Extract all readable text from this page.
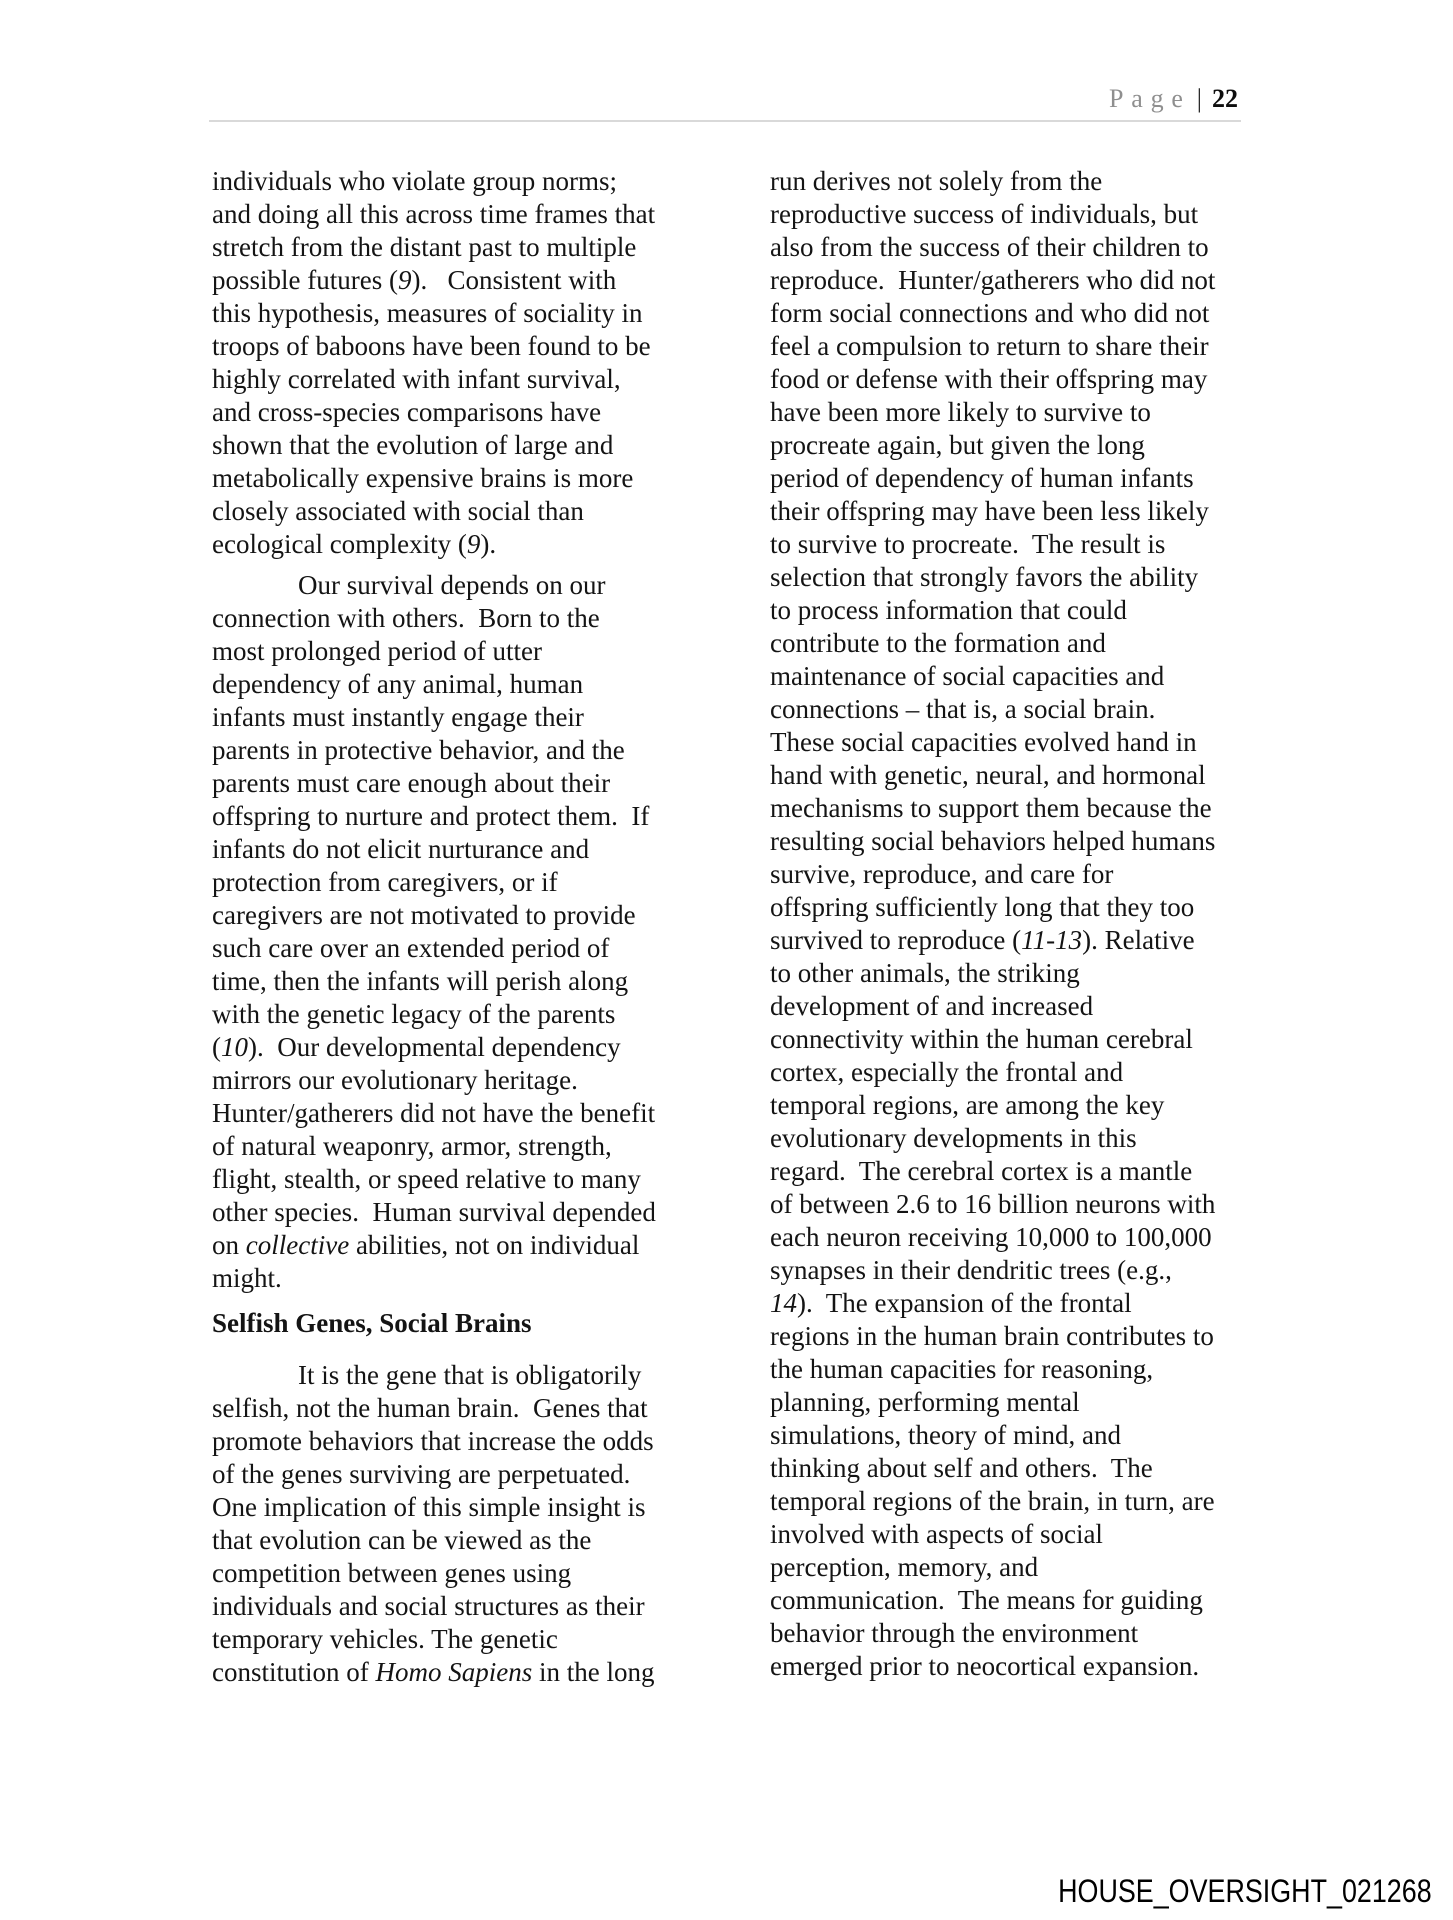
Page | 22
individuals who violate group norms;
and doing all this across time frames that
stretch from the distant past to multiple
possible futures (9).   Consistent with
this hypothesis, measures of sociality in
troops of baboons have been found to be
highly correlated with infant survival,
and cross-species comparisons have
shown that the evolution of large and
metabolically expensive brains is more
closely associated with social than
ecological complexity (9).
Our survival depends on our
connection with others.  Born to the
most prolonged period of utter
dependency of any animal, human
infants must instantly engage their
parents in protective behavior, and the
parents must care enough about their
offspring to nurture and protect them.  If
infants do not elicit nurturance and
protection from caregivers, or if
caregivers are not motivated to provide
such care over an extended period of
time, then the infants will perish along
with the genetic legacy of the parents
(10).  Our developmental dependency
mirrors our evolutionary heritage.
Hunter/gatherers did not have the benefit
of natural weaponry, armor, strength,
flight, stealth, or speed relative to many
other species.  Human survival depended
on collective abilities, not on individual
might.
Selfish Genes, Social Brains
It is the gene that is obligatorily
selfish, not the human brain.  Genes that
promote behaviors that increase the odds
of the genes surviving are perpetuated.
One implication of this simple insight is
that evolution can be viewed as the
competition between genes using
individuals and social structures as their
temporary vehicles. The genetic
constitution of Homo Sapiens in the long
run derives not solely from the
reproductive success of individuals, but
also from the success of their children to
reproduce.  Hunter/gatherers who did not
form social connections and who did not
feel a compulsion to return to share their
food or defense with their offspring may
have been more likely to survive to
procreate again, but given the long
period of dependency of human infants
their offspring may have been less likely
to survive to procreate.  The result is
selection that strongly favors the ability
to process information that could
contribute to the formation and
maintenance of social capacities and
connections – that is, a social brain.
These social capacities evolved hand in
hand with genetic, neural, and hormonal
mechanisms to support them because the
resulting social behaviors helped humans
survive, reproduce, and care for
offspring sufficiently long that they too
survived to reproduce (11-13). Relative
to other animals, the striking
development of and increased
connectivity within the human cerebral
cortex, especially the frontal and
temporal regions, are among the key
evolutionary developments in this
regard.  The cerebral cortex is a mantle
of between 2.6 to 16 billion neurons with
each neuron receiving 10,000 to 100,000
synapses in their dendritic trees (e.g.,
14).  The expansion of the frontal
regions in the human brain contributes to
the human capacities for reasoning,
planning, performing mental
simulations, theory of mind, and
thinking about self and others.  The
temporal regions of the brain, in turn, are
involved with aspects of social
perception, memory, and
communication.  The means for guiding
behavior through the environment
emerged prior to neocortical expansion.
HOUSE_OVERSIGHT_021268
